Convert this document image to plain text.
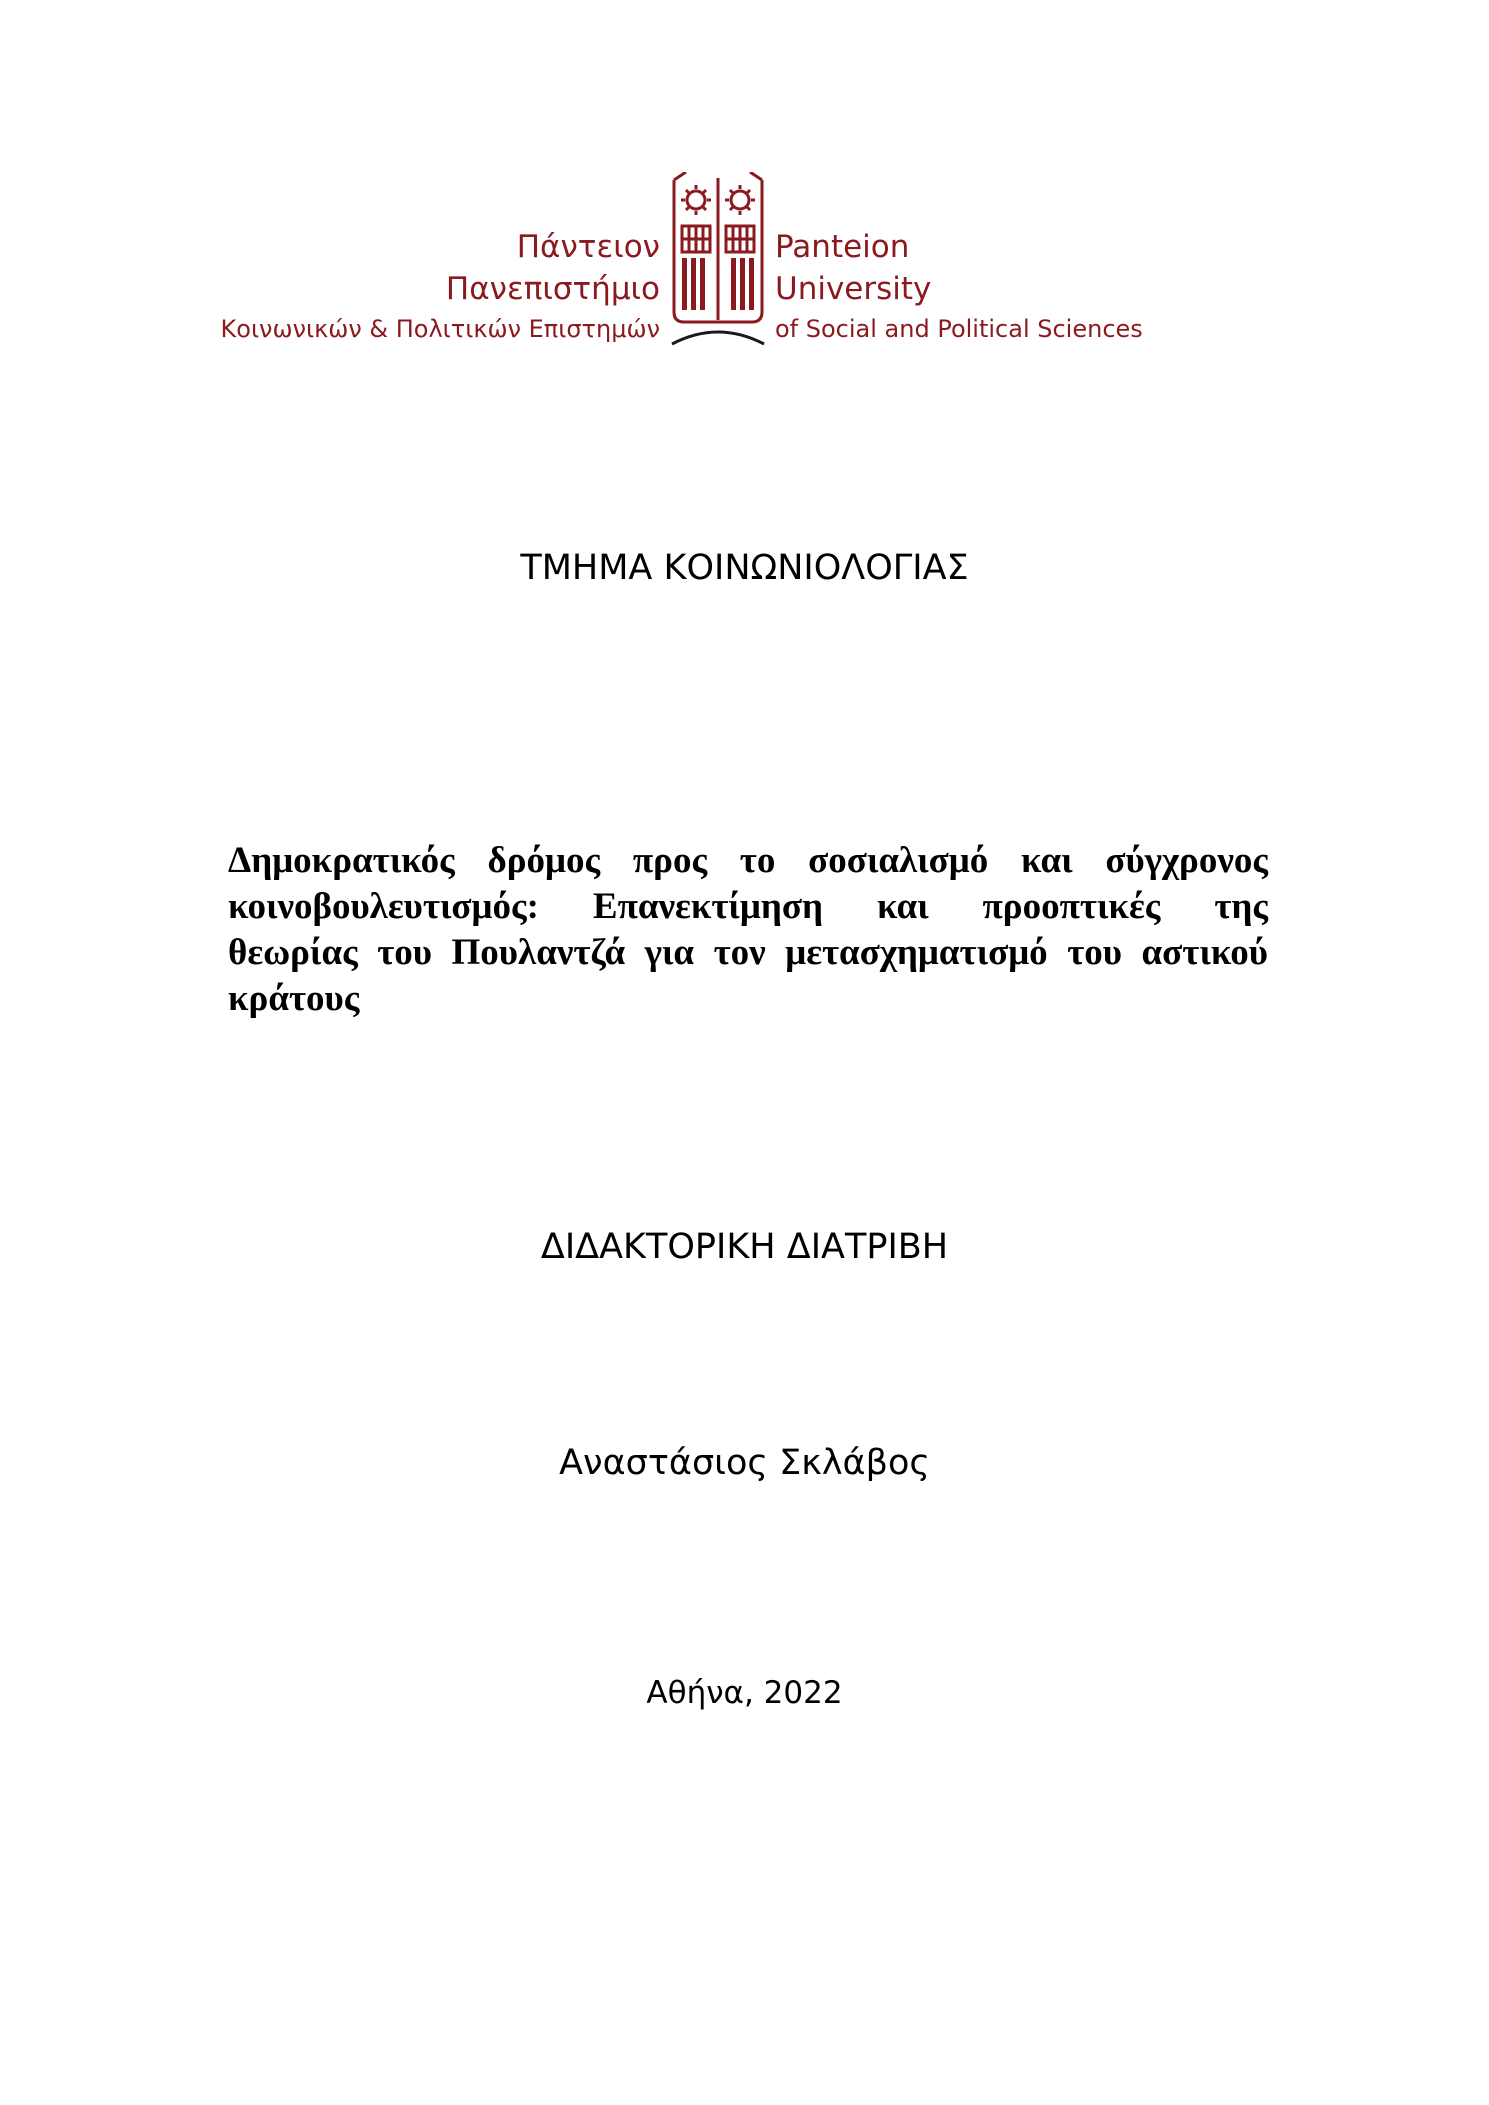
Πάντειον
Πανεπιστήμιο
Κοινωνικών & Πολιτικών Επιστημών
Panteion
University
of Social and Political Sciences
ΤΜΗΜΑ ΚΟΙΝΩΝΙΟΛΟΓΙΑΣ
Δημοκρατικός δρόμος προς το σοσιαλισμό και σύγχρονος
κοινοβουλευτισμός: Επανεκτίμηση και προοπτικές της
θεωρίας του Πουλαντζά για τον μετασχηματισμό του αστικού
κράτους
ΔΙΔΑΚΤΟΡΙΚΗ ΔΙΑΤΡΙΒΗ
Αναστάσιος Σκλάβος
Αθήνα, 2022
